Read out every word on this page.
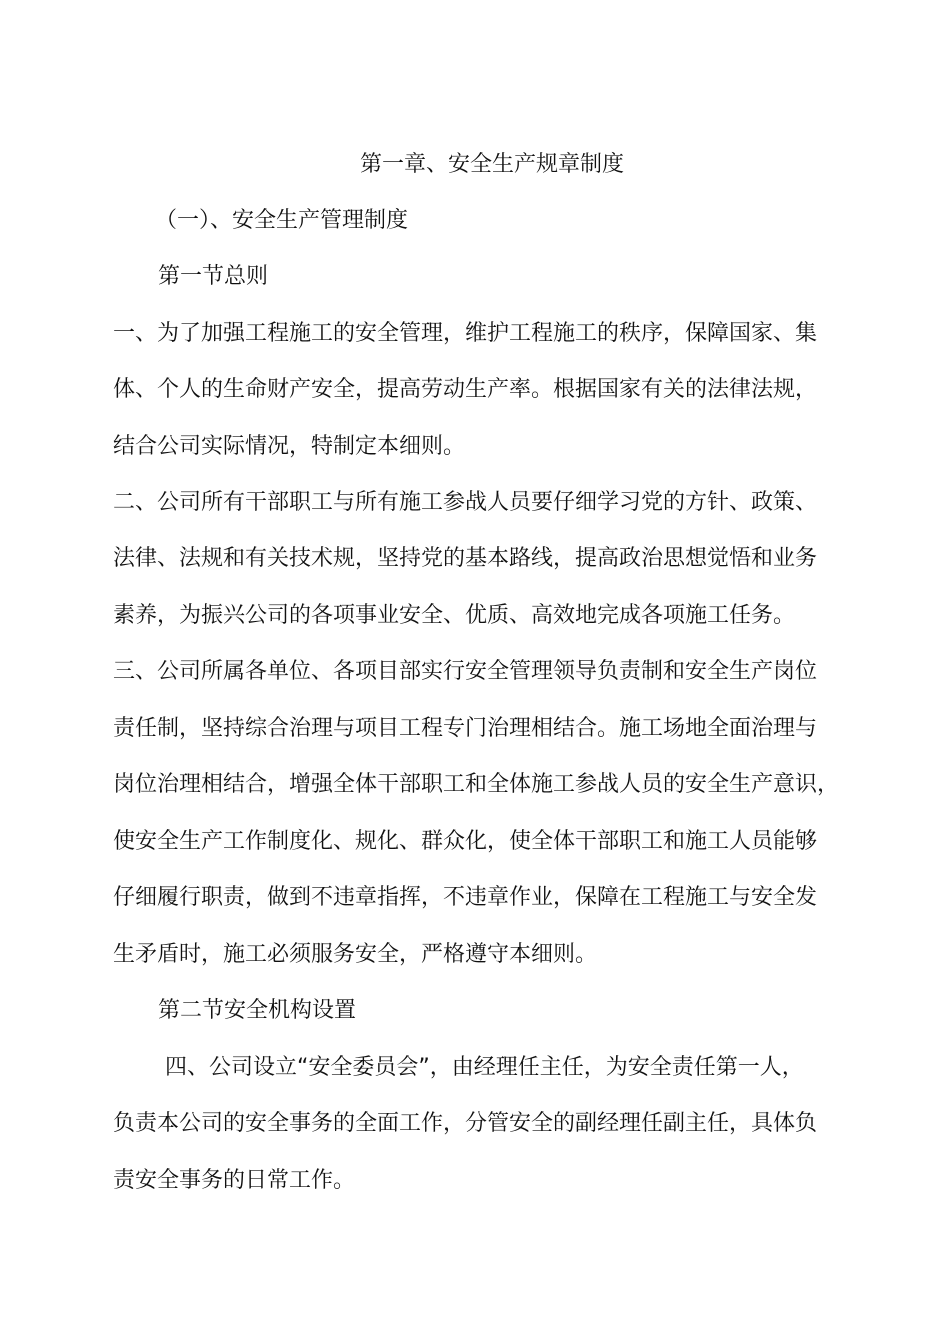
第一章、安全生产规章制度
（一）、安全生产管理制度
第一节总则
一、为了加强工程施工的安全管理，维护工程施工的秩序，保障国家、集
体、个人的生命财产安全，提高劳动生产率。根据国家有关的法律法规，
结合公司实际情况，特制定本细则。
二、公司所有干部职工与所有施工参战人员要仔细学习党的方针、政策、
法律、法规和有关技术规，坚持党的基本路线，提高政治思想觉悟和业务
素养，为振兴公司的各项事业安全、优质、高效地完成各项施工任务。
三、公司所属各单位、各项目部实行安全管理领导负责制和安全生产岗位
责任制，坚持综合治理与项目工程专门治理相结合。施工场地全面治理与
岗位治理相结合，增强全体干部职工和全体施工参战人员的安全生产意识，
使安全生产工作制度化、规化、群众化，使全体干部职工和施工人员能够
仔细履行职责，做到不违章指挥，不违章作业，保障在工程施工与安全发
生矛盾时，施工必须服务安全，严格遵守本细则。
第二节安全机构设置
四、公司设立“安全委员会”，由经理任主任，为安全责任第一人，
负责本公司的安全事务的全面工作，分管安全的副经理任副主任，具体负
责安全事务的日常工作。
